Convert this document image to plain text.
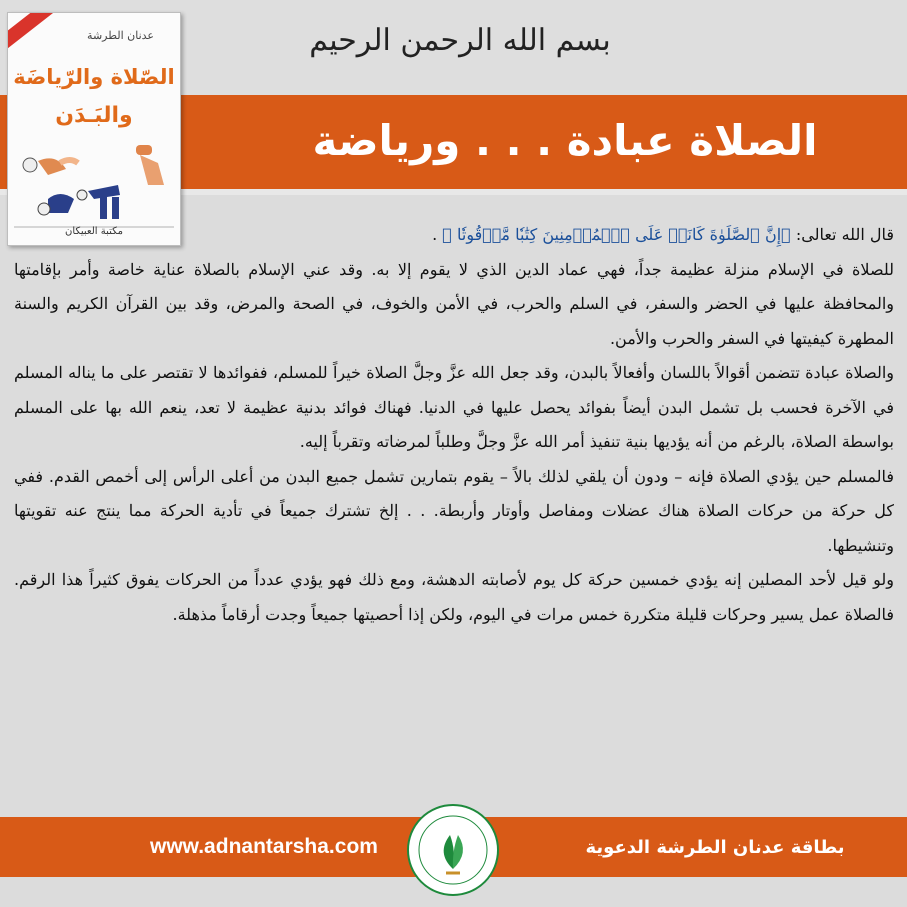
بسم الله الرحمن الرحيم
الصلاة عبادة . . . ورياضة
عدنان الطرشة
الصّلاة والرّياضَة
والبَـدَن
مكتبة العبيكان	قال الله تعالى: ﴿إِنَّ ٱلصَّلَوٰةَ كَانَتۡ عَلَى ٱلۡمُؤۡمِنِينَ كِتَٰبٗا مَّوۡقُوتٗا ﴾ .

للصلاة في الإسلام منزلة عظيمة جداً، فهي عماد الدين الذي لا يقوم إلا به. وقد عني الإسلام بالصلاة عناية خاصة وأمر بإقامتها والمحافظة عليها في الحضر والسفر، في السلم والحرب، في الأمن والخوف، في الصحة والمرض، وقد بين القرآن الكريم والسنة المطهرة كيفيتها في السفر والحرب والأمن.

والصلاة عبادة تتضمن أقوالاً باللسان وأفعالاً بالبدن، وقد جعل الله عزَّ وجلَّ الصلاة خيراً للمسلم، ففوائدها لا تقتصر على ما يناله المسلم في الآخرة فحسب بل تشمل البدن أيضاً بفوائد يحصل عليها في الدنيا. فهناك فوائد بدنية عظيمة لا تعد، ينعم الله بها على المسلم بواسطة الصلاة، بالرغم من أنه يؤديها بنية تنفيذ أمر الله عزَّ وجلَّ وطلباً لمرضاته وتقرباً إليه.

فالمسلم حين يؤدي الصلاة فإنه – ودون أن يلقي لذلك بالاً – يقوم بتمارين تشمل جميع البدن من أعلى الرأس إلى أخمص القدم. ففي كل حركة من حركات الصلاة هناك عضلات ومفاصل وأوتار وأربطة. . . إلخ تشترك جميعاً في تأدية الحركة مما ينتج عنه تقويتها وتنشيطها.

ولو قيل لأحد المصلين إنه يؤدي خمسين حركة كل يوم لأصابته الدهشة، ومع ذلك فهو يؤدي عدداً من الحركات يفوق كثيراً هذا الرقم. فالصلاة عمل يسير وحركات قليلة متكررة خمس مرات في اليوم، ولكن إذا أحصيتها جميعاً وجدت أرقاماً مذهلة.

www.adnantarsha.com	بطاقة عدنان الطرشة الدعوية
